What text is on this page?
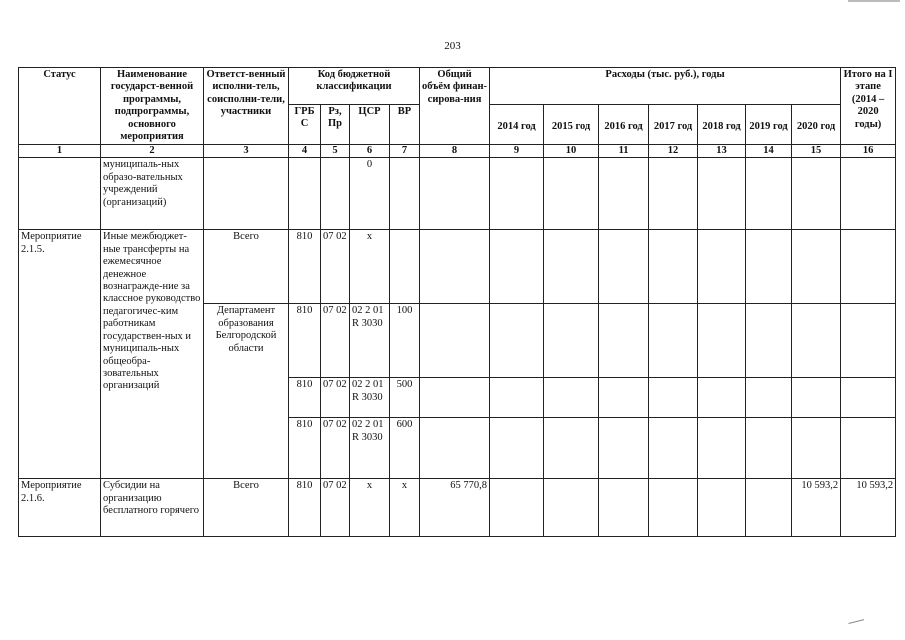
203
Статус	Наименование государст-венной программы, подпрограммы, основного мероприятия	Ответст-венный исполни-тель, соисполни-тели, участники	Код бюджетной классификации				Общий объём финан-сирова-ния	Расходы (тыс. руб.), годы							Итого на I этапе (2014 – 2020 годы)
			ГРБ С	Рз, Пр	ЦСР	ВР		2014 год	2015 год	2016 год	2017 год	2018 год	2019 год	2020 год	
1	2	3	4	5	6	7	8	9	10	11	12	13	14	15	16
	муниципаль-ных образо-вательных учреждений (организаций)				0										
Мероприятие 2.1.5.	Иные межбюджет-ные трансферты на ежемесячное денежное вознагражде-ние за классное руководство педагогичес-ким работникам государствен-ных и муниципаль-ных общеобра-зовательных организаций	Всего	810	07 02	х										
		Департамент образования Белгородской области	810	07 02	02 2 01 R 3030	100									
			810	07 02	02 2 01 R 3030	500									
			810	07 02	02 2 01 R 3030	600									
Мероприятие 2.1.6.	Субсидии на организацию бесплатного горячего	Всего	810	07 02	х	х	65 770,8							10 593,2	10 593,2
